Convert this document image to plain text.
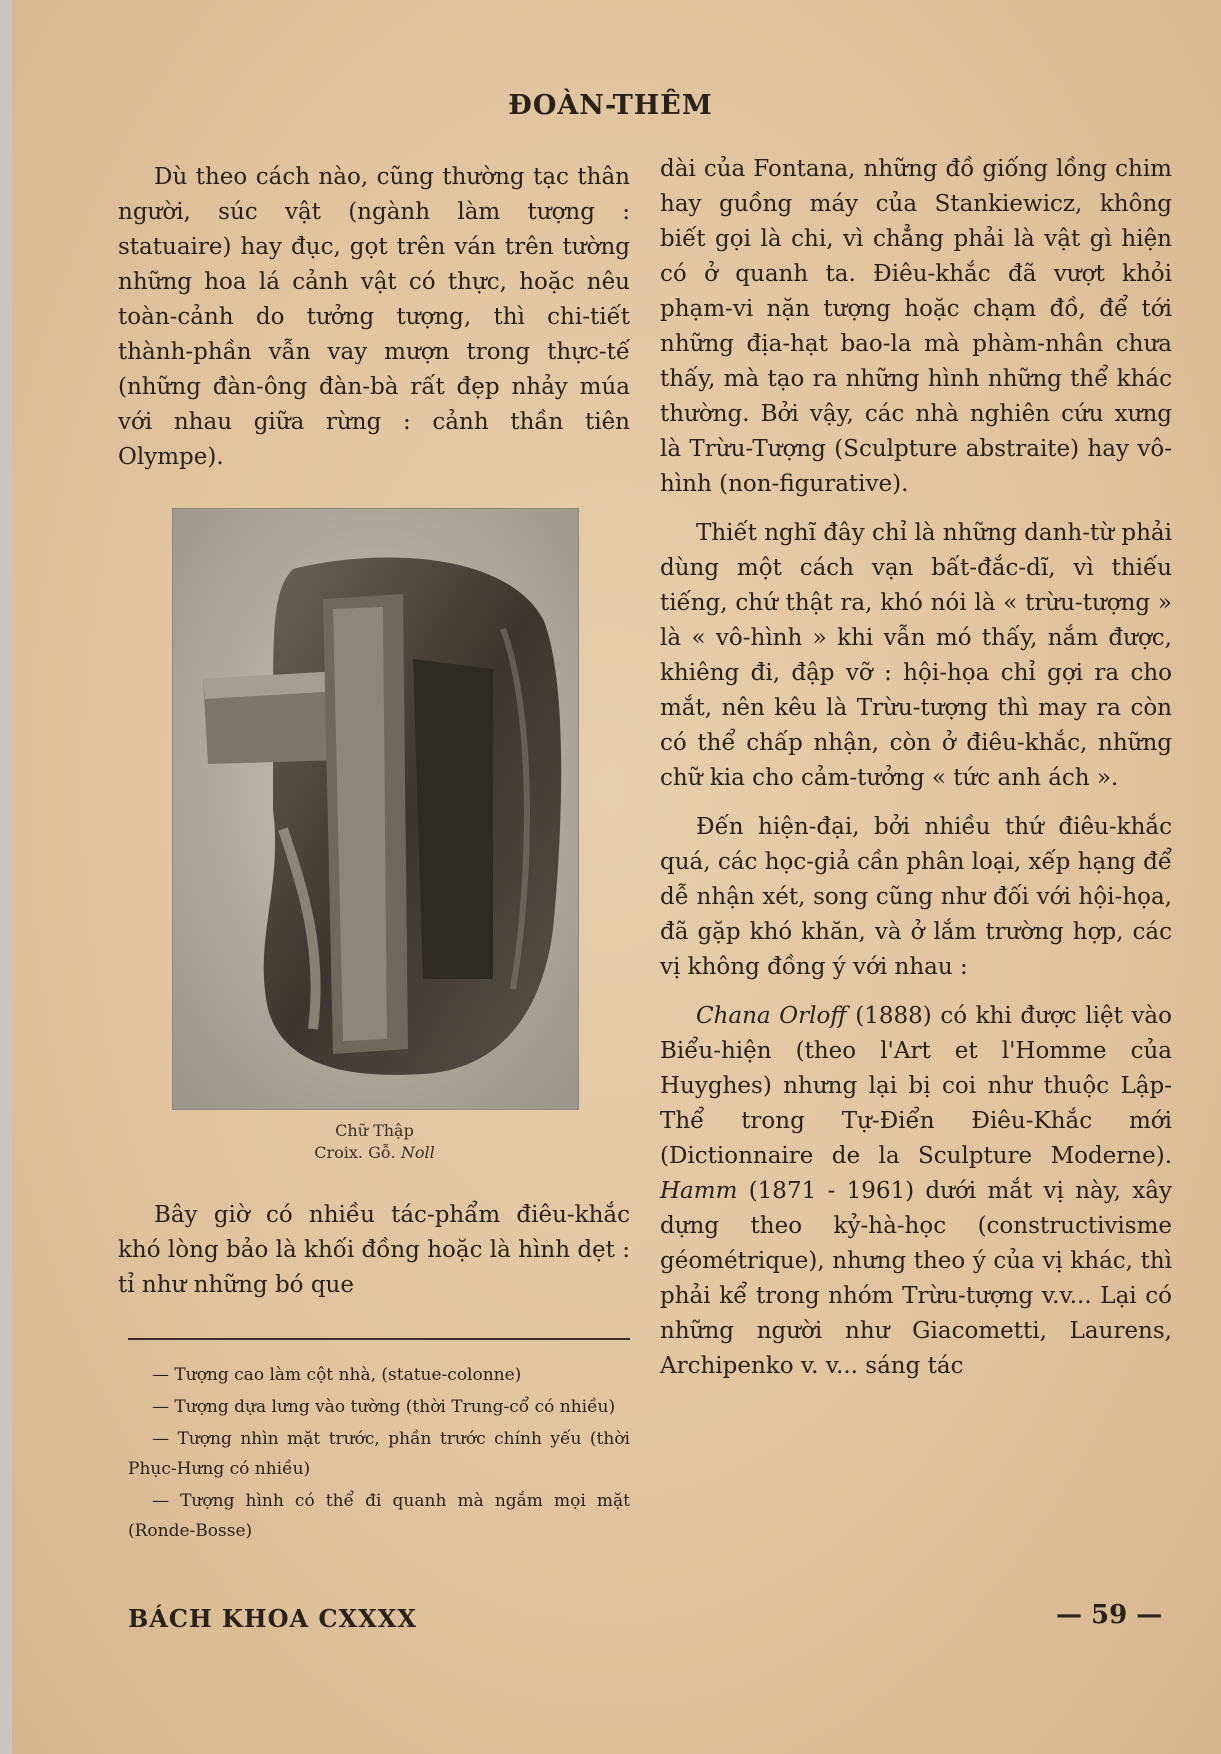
ĐOÀN-THÊM

Dù theo cách nào, cũng thường tạc thân người, súc vật (ngành làm tượng : statuaire) hay đục, gọt trên ván trên tường những hoa lá cảnh vật có thực, hoặc nêu toàn-cảnh do tưởng tượng, thì chi-tiết thành-phần vẫn vay mượn trong thực-tế (những đàn-ông đàn-bà rất đẹp nhảy múa với nhau giữa rừng : cảnh thần tiên Olympe).

Chữ Thập
Croix. Gỗ. Noll

Bây giờ có nhiều tác-phẩm điêu-khắc khó lòng bảo là khối đồng hoặc là hình dẹt : tỉ như những bó que

— Tượng cao làm cột nhà, (statue-colonne)

— Tượng dựa lưng vào tường (thời Trung-cổ có nhiều)

— Tượng nhìn mặt trước, phần trước chính yếu (thời Phục-Hưng có nhiều)

— Tượng hình có thể đi quanh mà ngắm mọi mặt (Ronde-Bosse)

dài của Fontana, những đồ giống lồng chim hay guồng máy của Stankiewicz, không biết gọi là chi, vì chẳng phải là vật gì hiện có ở quanh ta. Điêu-khắc đã vượt khỏi phạm-vi nặn tượng hoặc chạm đồ, để tới những địa-hạt bao-la mà phàm-nhân chưa thấy, mà tạo ra những hình những thể khác thường. Bởi vậy, các nhà nghiên cứu xưng là Trừu-Tượng (Sculpture abstraite) hay vô-hình (non-figurative).

Thiết nghĩ đây chỉ là những danh-từ phải dùng một cách vạn bất-đắc-dĩ, vì thiếu tiếng, chứ thật ra, khó nói là « trừu-tượng » là « vô-hình » khi vẫn mó thấy, nắm được, khiêng đi, đập vỡ : hội-họa chỉ gợi ra cho mắt, nên kêu là Trừu-tượng thì may ra còn có thể chấp nhận, còn ở điêu-khắc, những chữ kia cho cảm-tưởng « tức anh ách ».

Đến hiện-đại, bởi nhiều thứ điêu-khắc quá, các học-giả cần phân loại, xếp hạng để dễ nhận xét, song cũng như đối với hội-họa, đã gặp khó khăn, và ở lắm trường hợp, các vị không đồng ý với nhau :

Chana Orloff (1888) có khi được liệt vào Biểu-hiện (theo l'Art et l'Homme của Huyghes) nhưng lại bị coi như thuộc Lập-Thể trong Tự-Điển Điêu-Khắc mới (Dictionnaire de la Sculpture Moderne). Hamm (1871 - 1961) dưới mắt vị này, xây dựng theo kỷ-hà-học (constructivisme géométrique), nhưng theo ý của vị khác, thì phải kể trong nhóm Trừu-tượng v.v... Lại có những người như Giacometti, Laurens, Archipenko v. v... sáng tác

BÁCH KHOA CXXXX	— 59 —
